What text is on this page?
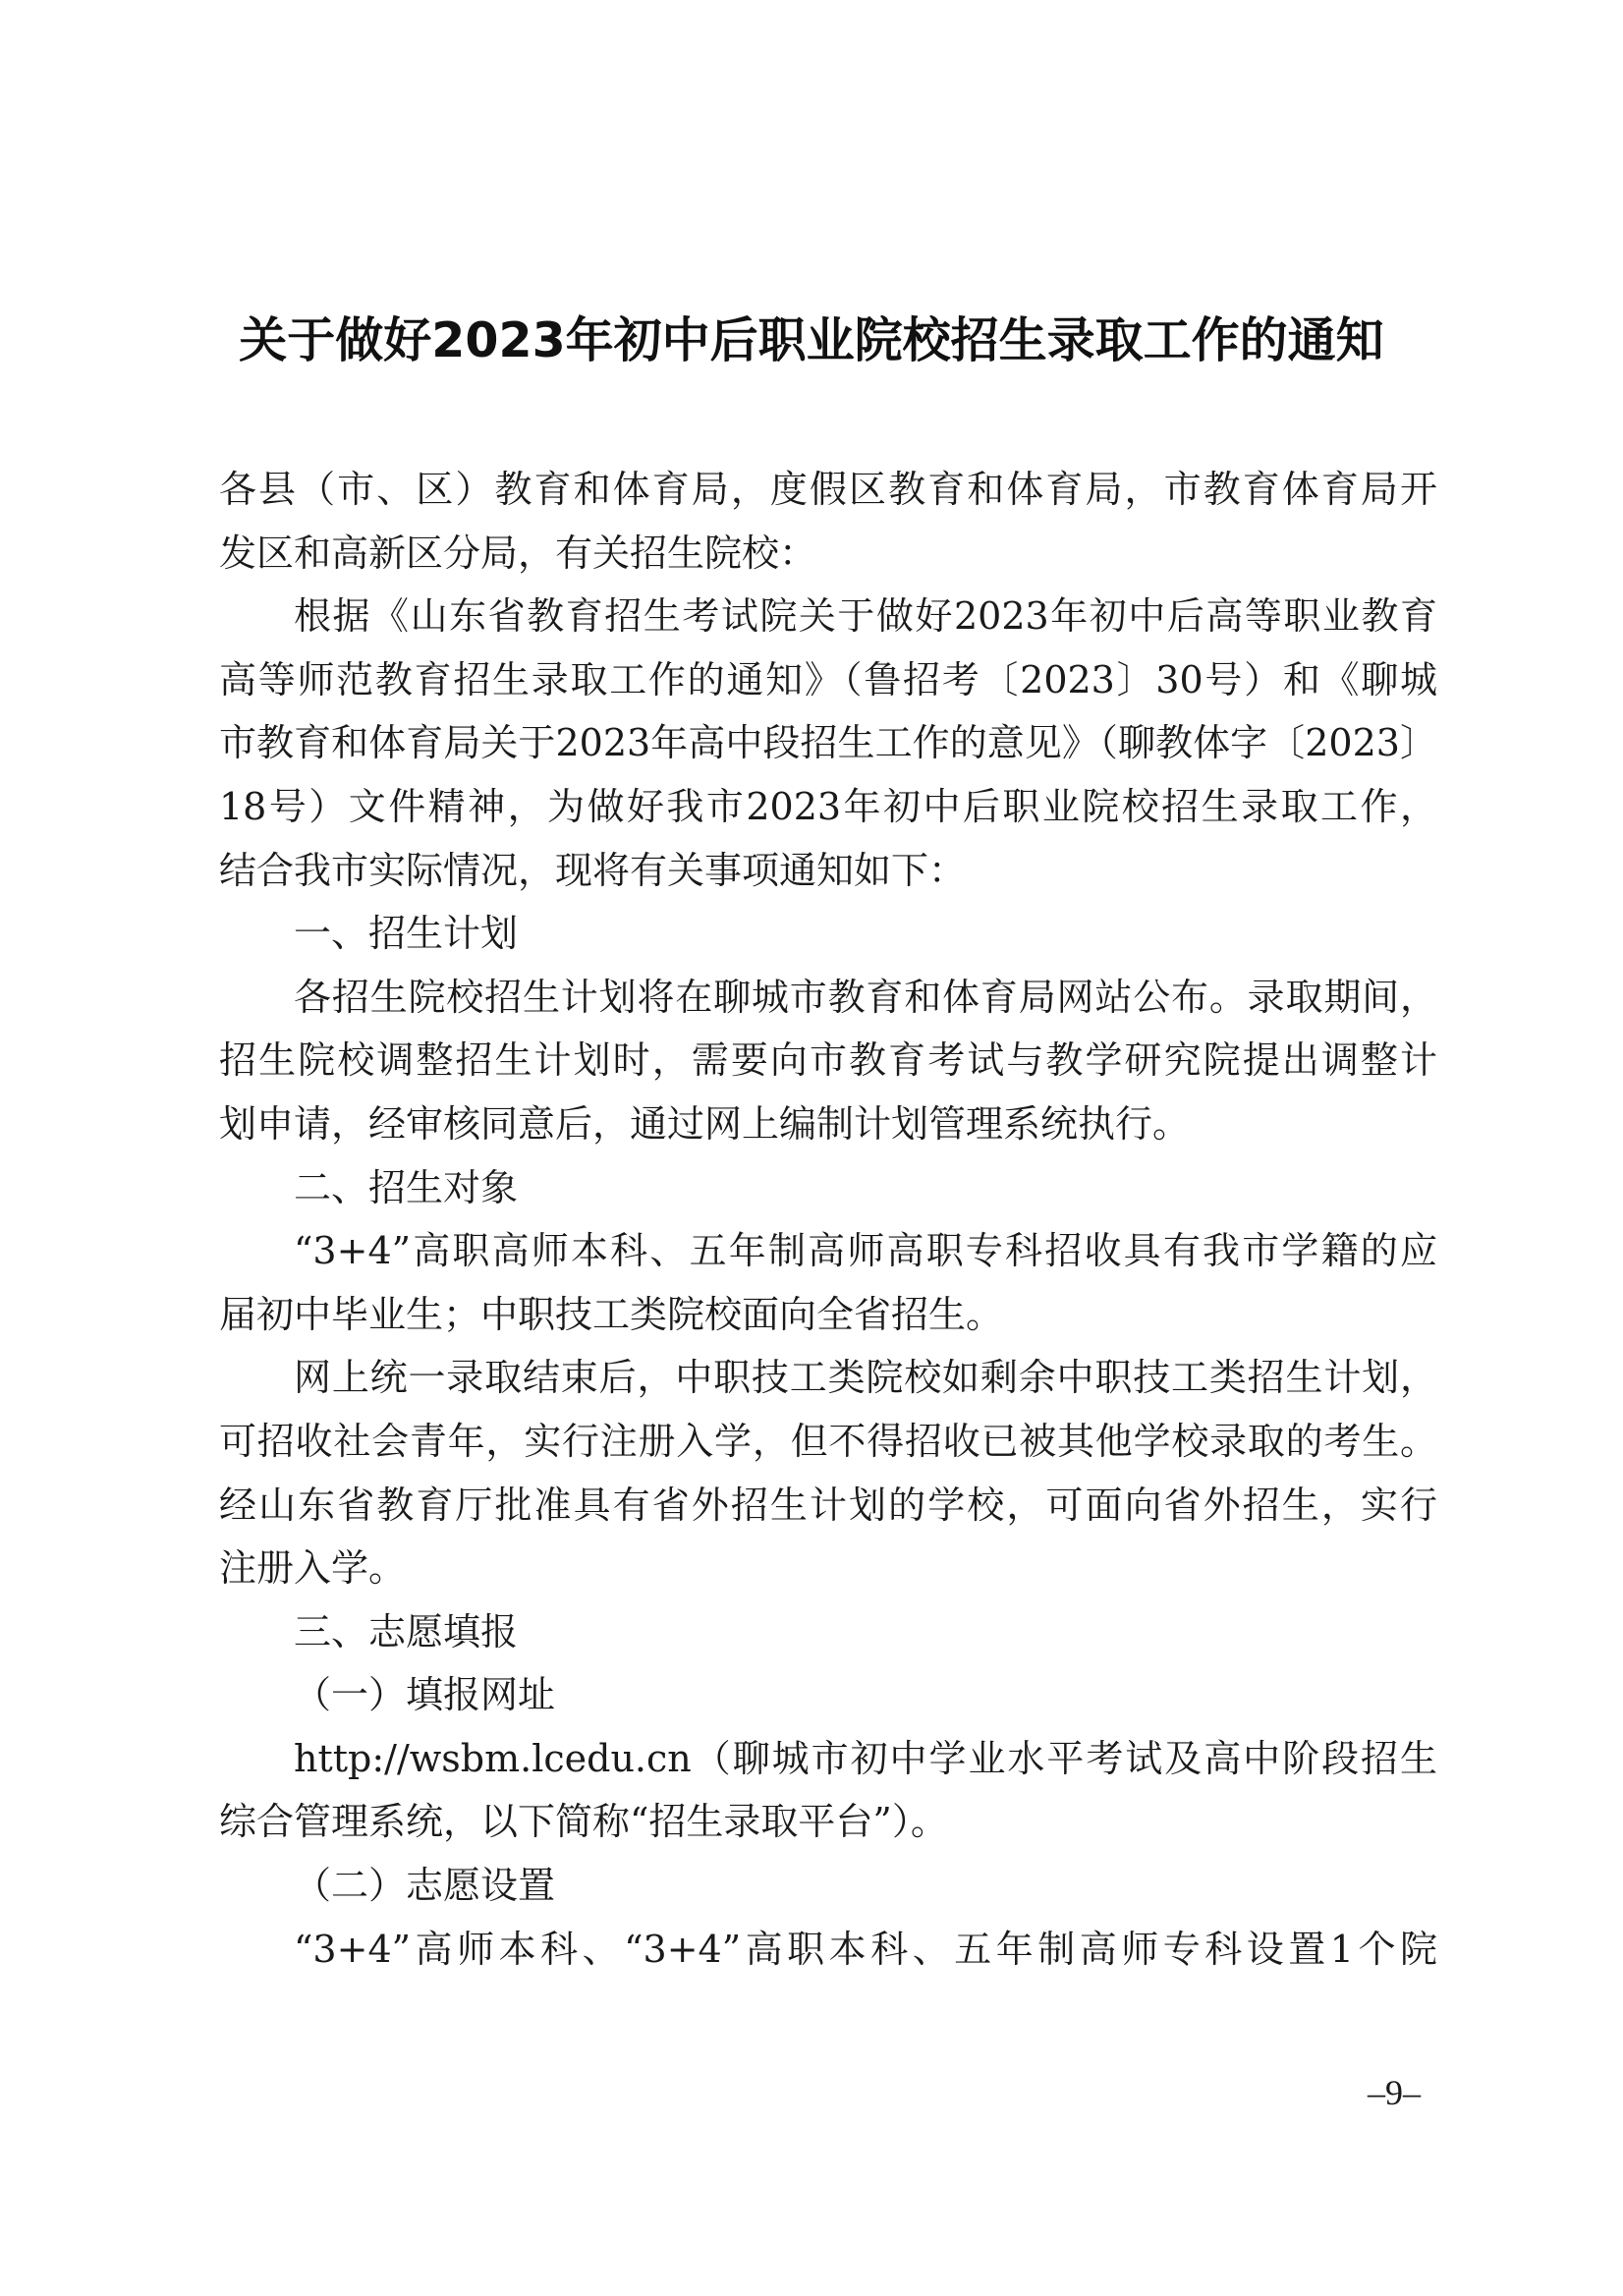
关于做好2023年初中后职业院校招生录取工作的通知
各县（市、区）教育和体育局，度假区教育和体育局，市教育体育局开
发区和高新区分局，有关招生院校：
根据《山东省教育招生考试院关于做好2023年初中后高等职业教育
高等师范教育招生录取工作的通知》（鲁招考〔2023〕30号）和《聊城
市教育和体育局关于2023年高中段招生工作的意见》（聊教体字〔2023〕
18号）文件精神，为做好我市2023年初中后职业院校招生录取工作，
结合我市实际情况，现将有关事项通知如下：
一、招生计划
各招生院校招生计划将在聊城市教育和体育局网站公布。录取期间，
招生院校调整招生计划时，需要向市教育考试与教学研究院提出调整计
划申请，经审核同意后，通过网上编制计划管理系统执行。
二、招生对象
“3+4”高职高师本科、五年制高师高职专科招收具有我市学籍的应
届初中毕业生；中职技工类院校面向全省招生。
网上统一录取结束后，中职技工类院校如剩余中职技工类招生计划，
可招收社会青年，实行注册入学，但不得招收已被其他学校录取的考生。
经山东省教育厅批准具有省外招生计划的学校，可面向省外招生，实行
注册入学。
三、志愿填报
（一）填报网址
http://wsbm.lcedu.cn（聊城市初中学业水平考试及高中阶段招生
综合管理系统，以下简称“招生录取平台”）。
（二）志愿设置
“3+4”高师本科、“3+4”高职本科、五年制高师专科设置1个院
–9–
